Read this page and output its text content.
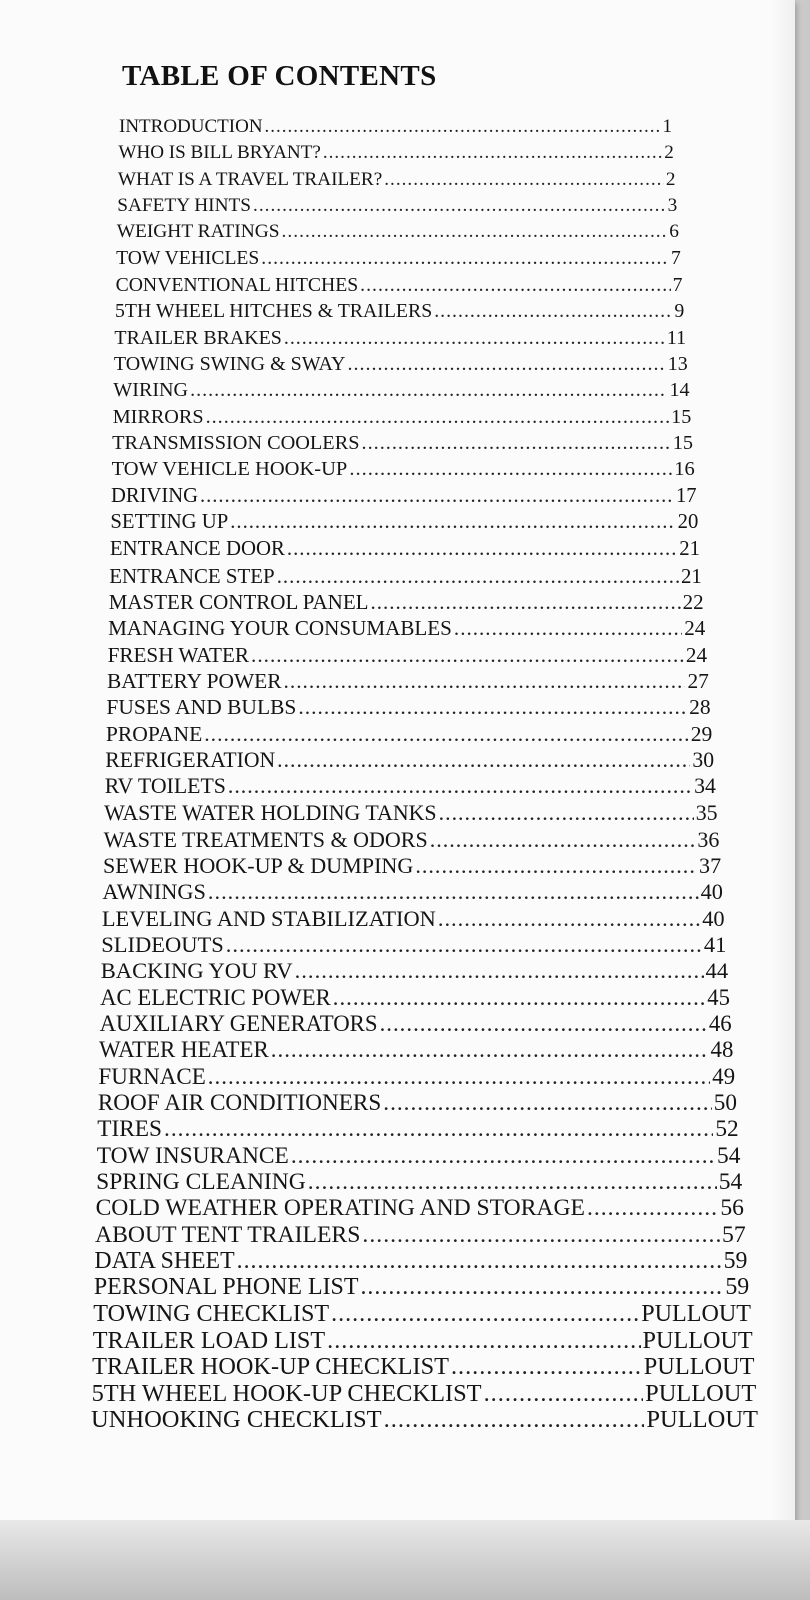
TABLE OF CONTENTS
INTRODUCTION .....	1
WHO IS BILL BRYANT? .....	2
WHAT IS A TRAVEL TRAILER? .....	2
SAFETY HINTS .....	3
WEIGHT RATINGS .....	6
TOW VEHICLES .....	7
CONVENTIONAL HITCHES .....	7
5TH WHEEL HITCHES & TRAILERS .....	9
TRAILER BRAKES .....	11
TOWING SWING & SWAY .....	13
WIRING .....	14
MIRRORS .....	15
TRANSMISSION COOLERS .....	15
TOW VEHICLE HOOK-UP .....	16
DRIVING .....	17
SETTING UP .....	20
ENTRANCE DOOR .....	21
ENTRANCE STEP .....	21
MASTER CONTROL PANEL .....	22
MANAGING YOUR CONSUMABLES .....	24
FRESH WATER .....	24
BATTERY POWER .....	27
FUSES AND BULBS .....	28
PROPANE .....	29
REFRIGERATION .....	30
RV TOILETS .....	34
WASTE WATER HOLDING TANKS .....	35
WASTE TREATMENTS & ODORS .....	36
SEWER HOOK-UP & DUMPING .....	37
AWNINGS .....	40
LEVELING AND STABILIZATION .....	40
SLIDEOUTS .....	41
BACKING YOU RV .....	44
AC ELECTRIC POWER .....	45
AUXILIARY GENERATORS .....	46
WATER HEATER .....	48
FURNACE .....	49
ROOF AIR CONDITIONERS .....	50
TIRES .....	52
TOW INSURANCE .....	54
SPRING CLEANING .....	54
COLD WEATHER OPERATING AND STORAGE .....	56
ABOUT TENT TRAILERS .....	57
DATA SHEET .....	59
PERSONAL PHONE LIST .....	59
TOWING CHECKLIST .....	PULLOUT
TRAILER LOAD LIST .....	PULLOUT
TRAILER HOOK-UP CHECKLIST .....	PULLOUT
5TH WHEEL HOOK-UP CHECKLIST .....	PULLOUT
UNHOOKING CHECKLIST .....	PULLOUT
